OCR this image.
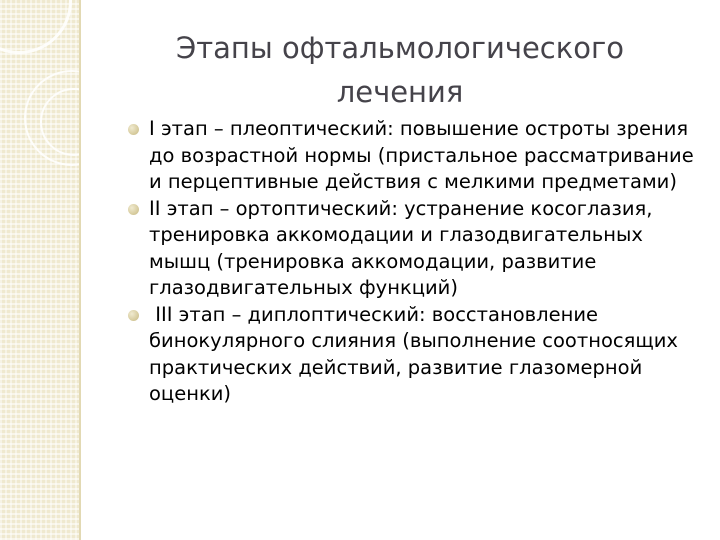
Этапы офтальмологического
лечения
I этап – плеоптический: повышение остроты зрения до возрастной нормы (пристальное рассматривание и перцептивные действия с мелкими предметами)
II этап – ортоптический: устранение косоглазия, тренировка аккомодации и глазодвигательных мышц (тренировка аккомодации, развитие глазодвигательных функций)
III этап – диплоптический: восстановление бинокулярного слияния (выполнение соотносящих практических действий, развитие глазомерной оценки)
